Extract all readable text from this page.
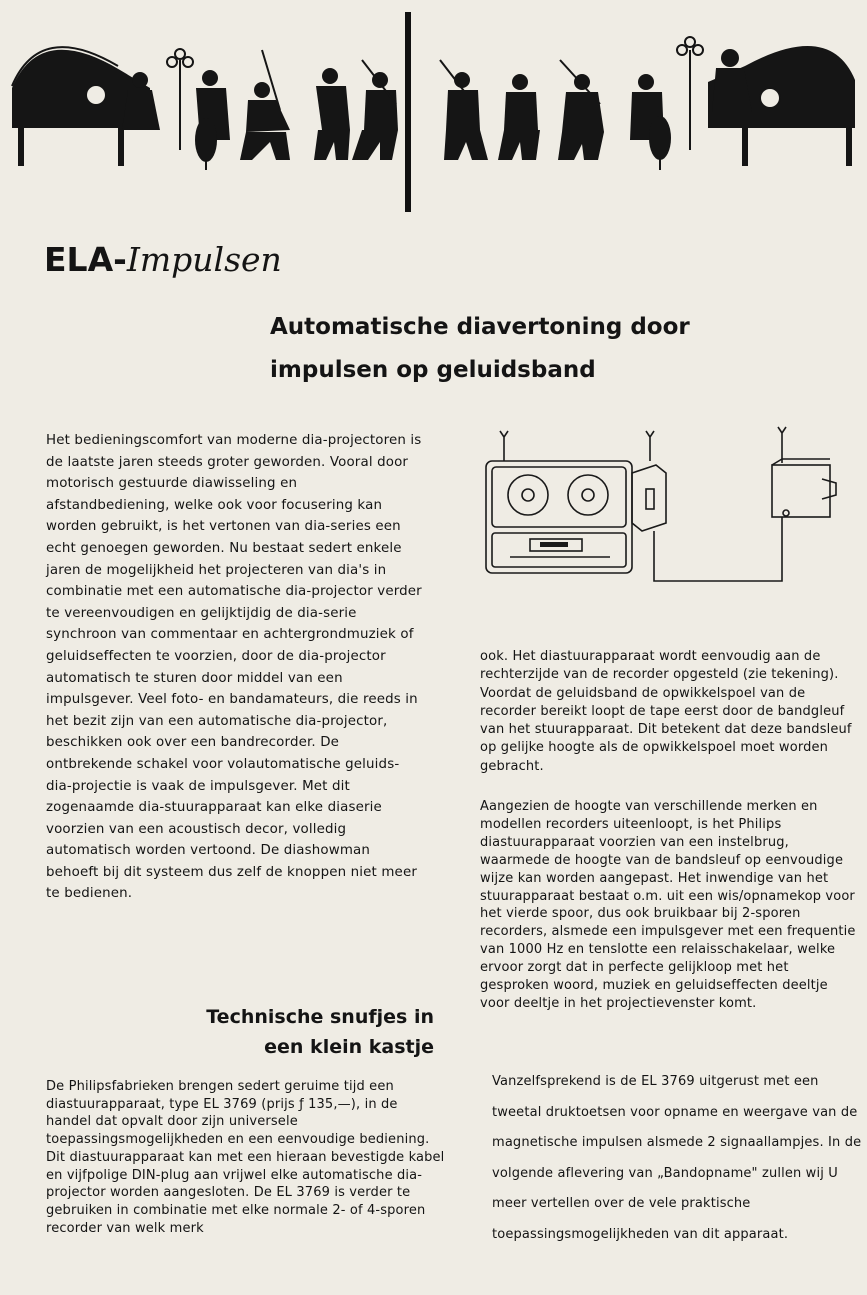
ELA-Impulsen
Automatische diavertoning door
impulsen op geluidsband

Het bedieningscomfort van moderne dia-projectoren is de laatste jaren steeds groter geworden. Vooral door motorisch gestuurde diawisseling en afstandbediening, welke ook voor focusering kan worden gebruikt, is het vertonen van dia-series een echt genoegen geworden. Nu bestaat sedert enkele jaren de mogelijkheid het projecteren van dia's in combinatie met een automatische dia-projector verder te vereenvoudigen en gelijktijdig de dia-serie synchroon van commentaar en achtergrondmuziek of geluidseffecten te voorzien, door de dia-projector automatisch te sturen door middel van een impulsgever. Veel foto- en bandamateurs, die reeds in het bezit zijn van een automatische dia-projector, beschikken ook over een bandrecorder. De ontbrekende schakel voor volautomatische geluids-dia-projectie is vaak de impulsgever. Met dit zogenaamde dia-stuurapparaat kan elke diaserie voorzien van een acoustisch decor, volledig automatisch worden vertoond. De diashowman behoeft bij dit systeem dus zelf de knoppen niet meer te bedienen.

Technische snufjes in
een klein kastje

De Philipsfabrieken brengen sedert geruime tijd een diastuurapparaat, type EL 3769 (prijs ƒ 135,—), in de handel dat opvalt door zijn universele toepassingsmogelijkheden en een eenvoudige bediening. Dit diastuurapparaat kan met een hieraan bevestigde kabel en vijfpolige DIN-plug aan vrijwel elke automatische dia-projector worden aangesloten. De EL 3769 is verder te gebruiken in combinatie met elke normale 2- of 4-sporen recorder van welk merk

ook. Het diastuurapparaat wordt eenvoudig aan de rechterzijde van de recorder opgesteld (zie tekening). Voordat de geluidsband de opwikkelspoel van de recorder bereikt loopt de tape eerst door de bandgleuf van het stuurapparaat. Dit betekent dat deze bandsleuf op gelijke hoogte als de opwikkelspoel moet worden gebracht.

Aangezien de hoogte van verschillende merken en modellen recorders uiteenloopt, is het Philips diastuurapparaat voorzien van een instelbrug, waarmede de hoogte van de bandsleuf op eenvoudige wijze kan worden aangepast. Het inwendige van het stuurapparaat bestaat o.m. uit een wis/opnamekop voor het vierde spoor, dus ook bruikbaar bij 2-sporen recorders, alsmede een impulsgever met een frequentie van 1000 Hz en tenslotte een relaisschakelaar, welke ervoor zorgt dat in perfecte gelijkloop met het gesproken woord, muziek en geluidseffecten deeltje voor deeltje in het projectievenster komt.

Vanzelfsprekend is de EL 3769 uitgerust met een tweetal druktoetsen voor opname en weergave van de magnetische impulsen alsmede 2 signaallampjes. In de volgende aflevering van „Bandopname" zullen wij U meer vertellen over de vele praktische toepassingsmogelijkheden van dit apparaat.
